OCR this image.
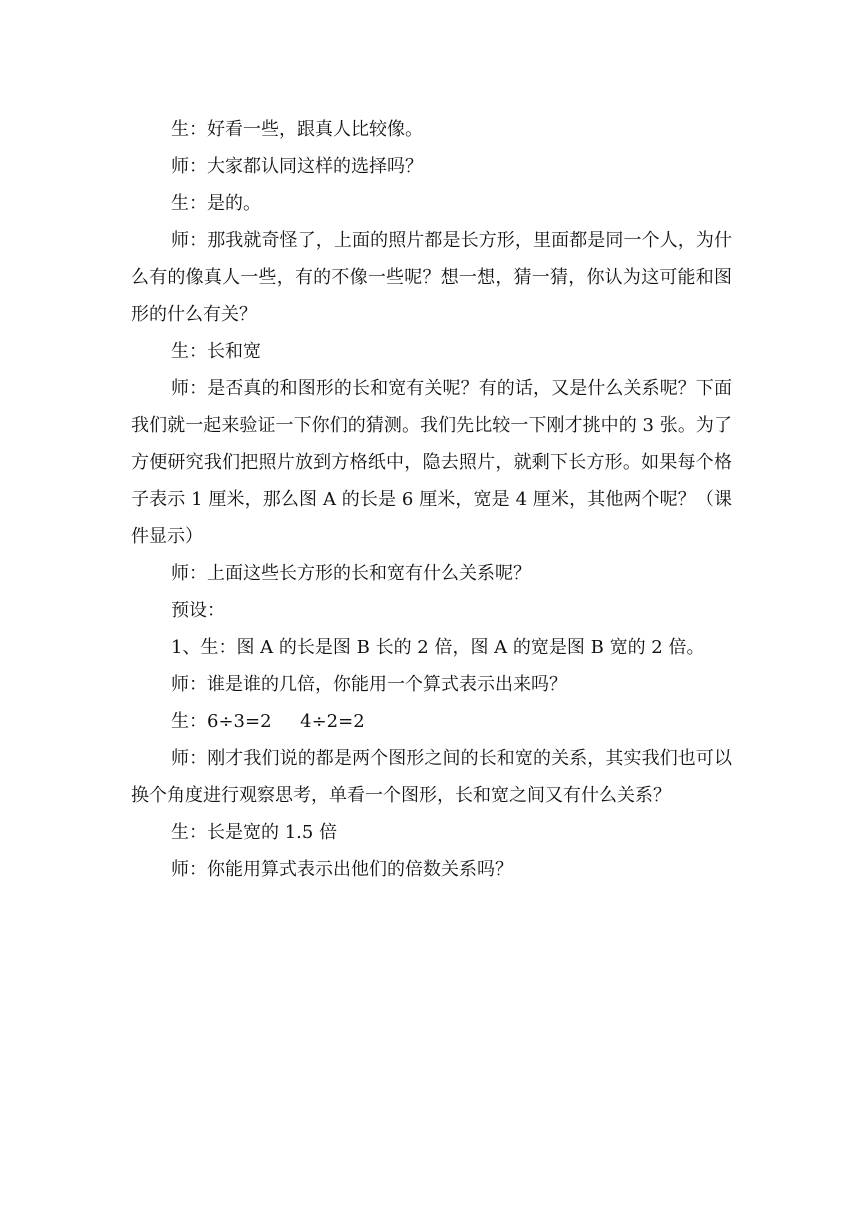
生：好看一些，跟真人比较像。

师：大家都认同这样的选择吗？

生：是的。

师：那我就奇怪了，上面的照片都是长方形，里面都是同一个人，为什么有的像真人一些，有的不像一些呢？想一想，猜一猜，你认为这可能和图形的什么有关？

生：长和宽

师：是否真的和图形的长和宽有关呢？有的话，又是什么关系呢？下面我们就一起来验证一下你们的猜测。我们先比较一下刚才挑中的 3 张。为了方便研究我们把照片放到方格纸中，隐去照片，就剩下长方形。如果每个格子表示 1 厘米，那么图 A 的长是 6 厘米，宽是 4 厘米，其他两个呢？（课件显示）

师：上面这些长方形的长和宽有什么关系呢？

预设：

1、生：图 A 的长是图 B 长的 2 倍，图 A 的宽是图 B 宽的 2 倍。

师：谁是谁的几倍，你能用一个算式表示出来吗？

生：6÷3=2     4÷2=2

师：刚才我们说的都是两个图形之间的长和宽的关系，其实我们也可以换个角度进行观察思考，单看一个图形，长和宽之间又有什么关系？

生：长是宽的 1.5 倍

师：你能用算式表示出他们的倍数关系吗？
